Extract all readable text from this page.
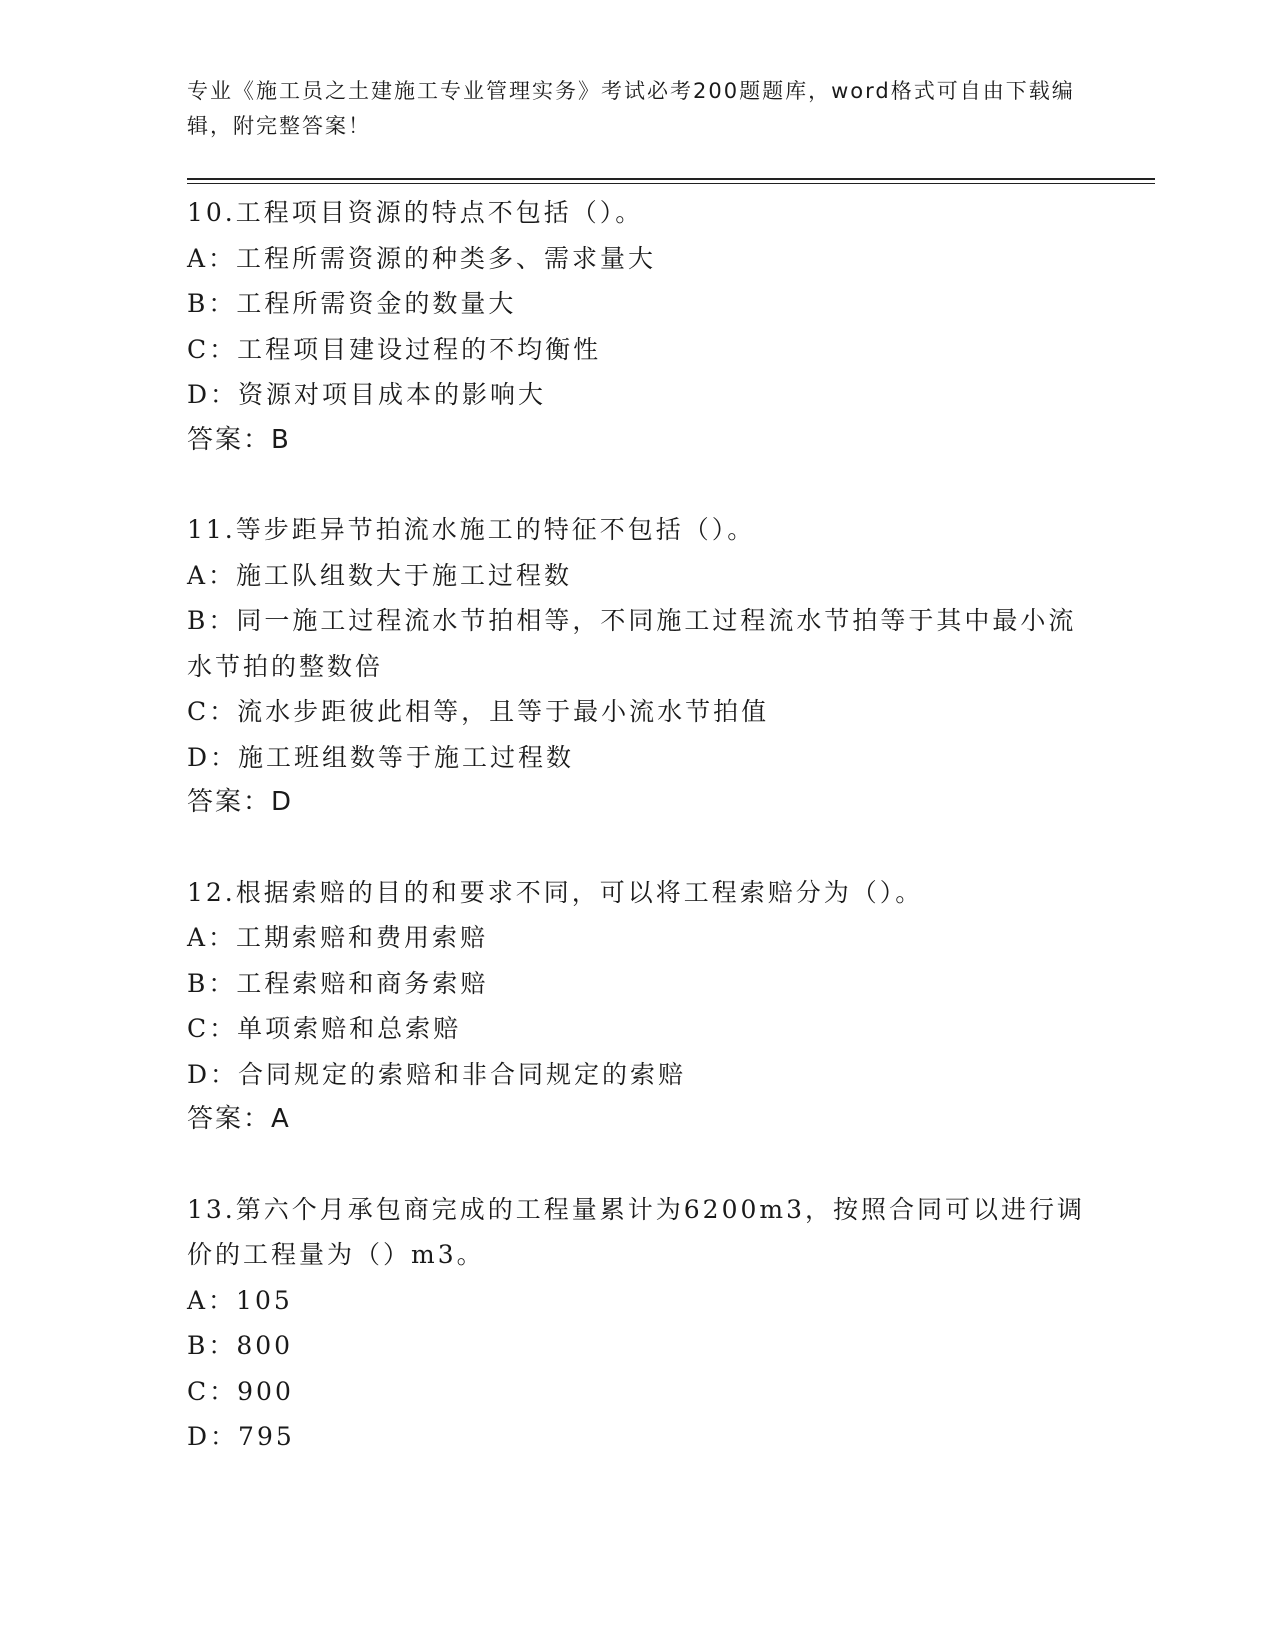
专业《施工员之土建施工专业管理实务》考试必考200题题库，word格式可自由下载编辑，附完整答案！
10.工程项目资源的特点不包括（）。
A：工程所需资源的种类多、需求量大
B：工程所需资金的数量大
C：工程项目建设过程的不均衡性
D：资源对项目成本的影响大
答案：B
11.等步距异节拍流水施工的特征不包括（）。
A：施工队组数大于施工过程数
B：同一施工过程流水节拍相等，不同施工过程流水节拍等于其中最小流水节拍的整数倍
C：流水步距彼此相等，且等于最小流水节拍值
D：施工班组数等于施工过程数
答案：D
12.根据索赔的目的和要求不同，可以将工程索赔分为（）。
A：工期索赔和费用索赔
B：工程索赔和商务索赔
C：单项索赔和总索赔
D：合同规定的索赔和非合同规定的索赔
答案：A
13.第六个月承包商完成的工程量累计为6200m3，按照合同可以进行调价的工程量为（）m3。
A：105
B：800
C：900
D：795
